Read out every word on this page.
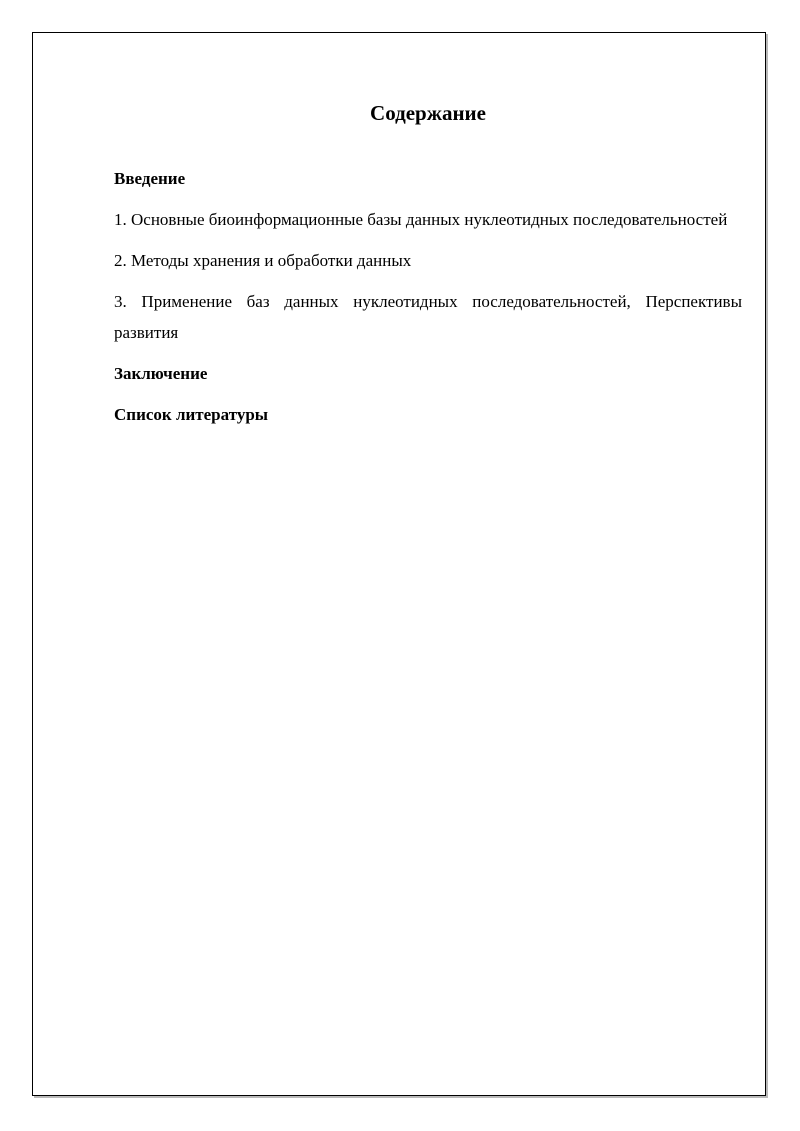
Содержание

Введение

1. Основные биоинформационные базы данных нуклеотидных последовательностей

2. Методы хранения и обработки данных

3. Применение баз данных нуклеотидных последовательностей, Перспективы развития

Заключение

Список литературы
